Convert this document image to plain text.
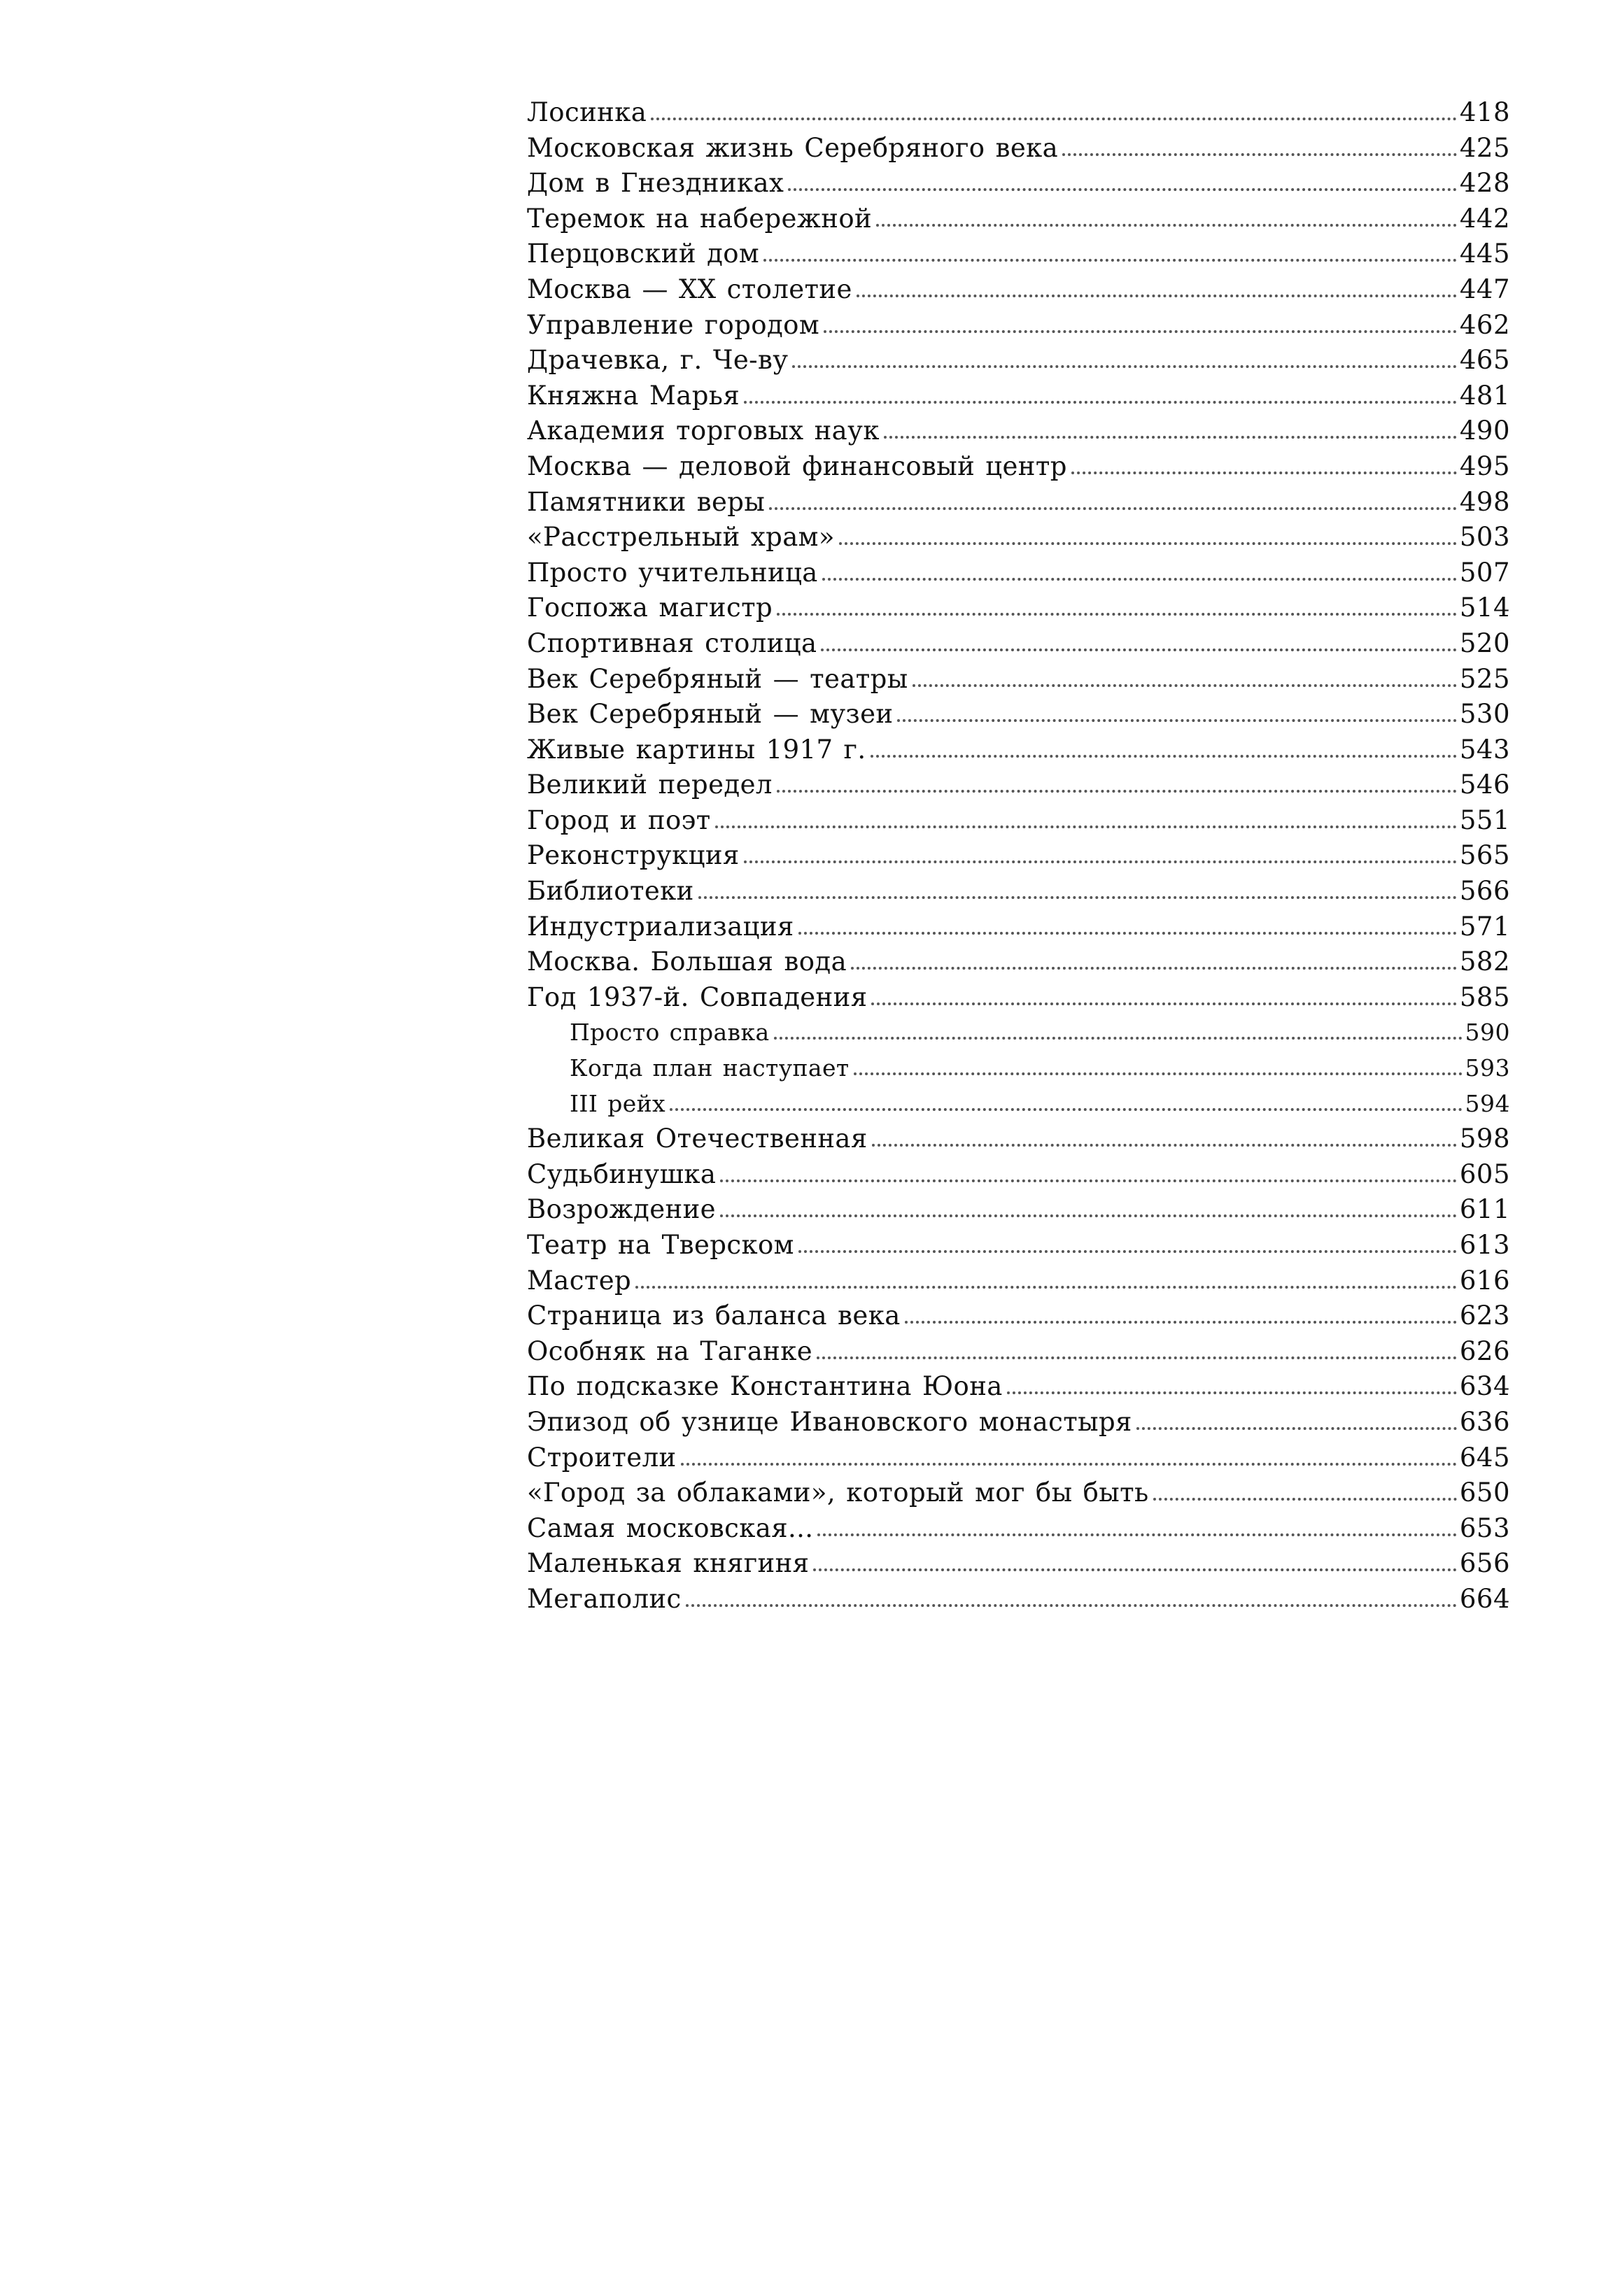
Лосинка	418
Московская жизнь Серебряного века	425
Дом в Гнездниках	428
Теремок на набережной	442
Перцовский дом	445
Москва — XX столетие	447
Управление городом	462
Драчевка, г. Че-ву	465
Княжна Марья	481
Академия торговых наук	490
Москва — деловой финансовый центр	495
Памятники веры	498
«Расстрельный храм»	503
Просто учительница	507
Госпожа магистр	514
Спортивная столица	520
Век Серебряный — театры	525
Век Серебряный — музеи	530
Живые картины 1917 г.	543
Великий передел	546
Город и поэт	551
Реконструкция	565
Библиотеки	566
Индустриализация	571
Москва. Большая вода	582
Год 1937-й. Совпадения	585
Просто справка	590
Когда план наступает	593
III рейх	594
Великая Отечественная	598
Судьбинушка	605
Возрождение	611
Театр на Тверском	613
Мастер	616
Страница из баланса века	623
Особняк на Таганке	626
По подсказке Константина Юона	634
Эпизод об узнице Ивановского монастыря	636
Строители	645
«Город за облаками», который мог бы быть	650
Самая московская...	653
Маленькая княгиня	656
Мегаполис	664
